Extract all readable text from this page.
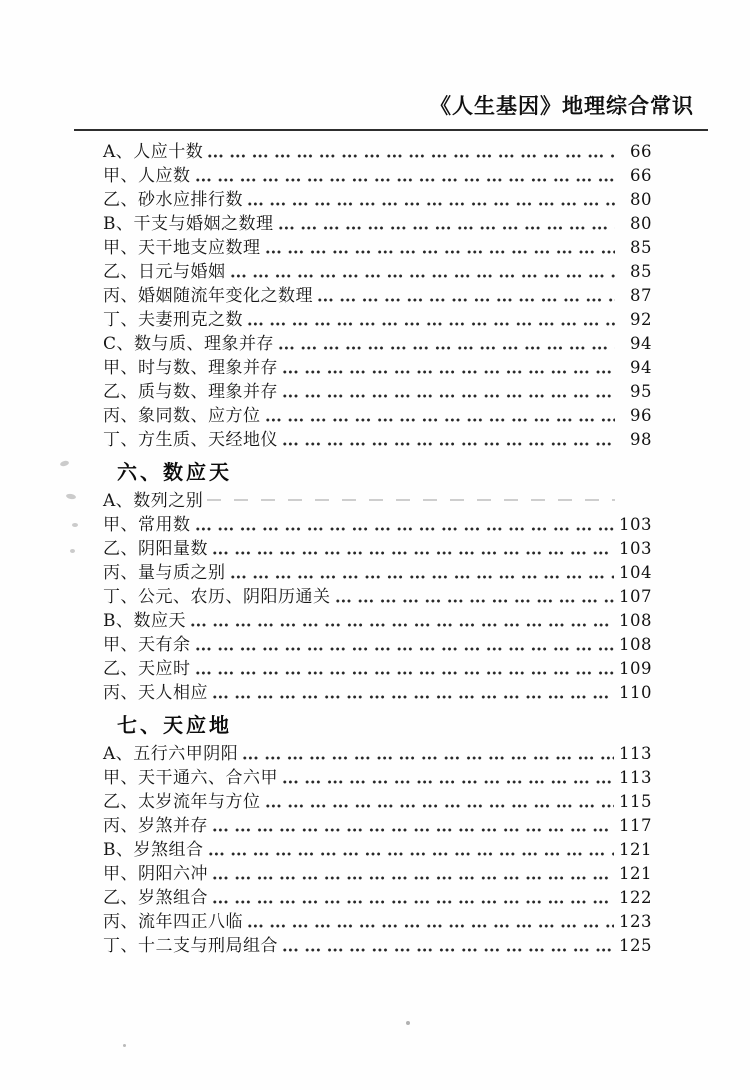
《人生基因》地理综合常识
A、人应十数	66
甲、人应数	66
乙、砂水应排行数	80
B、干支与婚姻之数理	80
甲、天干地支应数理	85
乙、日元与婚姻	85
丙、婚姻随流年变化之数理	87
丁、夫妻刑克之数	92
C、数与质、理象并存	94
甲、时与数、理象并存	94
乙、质与数、理象并存	95
丙、象同数、应方位	96
丁、方生质、天经地仪	98
六、数应天
A、数列之别
甲、常用数	103
乙、阴阳量数	103
丙、量与质之别	104
丁、公元、农历、阴阳历通关	107
B、数应天	108
甲、天有余	108
乙、天应时	109
丙、天人相应	110
七、天应地
A、五行六甲阴阳	113
甲、天干通六、合六甲	113
乙、太岁流年与方位	115
丙、岁煞并存	117
B、岁煞组合	121
甲、阴阳六冲	121
乙、岁煞组合	122
丙、流年四正八临	123
丁、十二支与刑局组合	125
